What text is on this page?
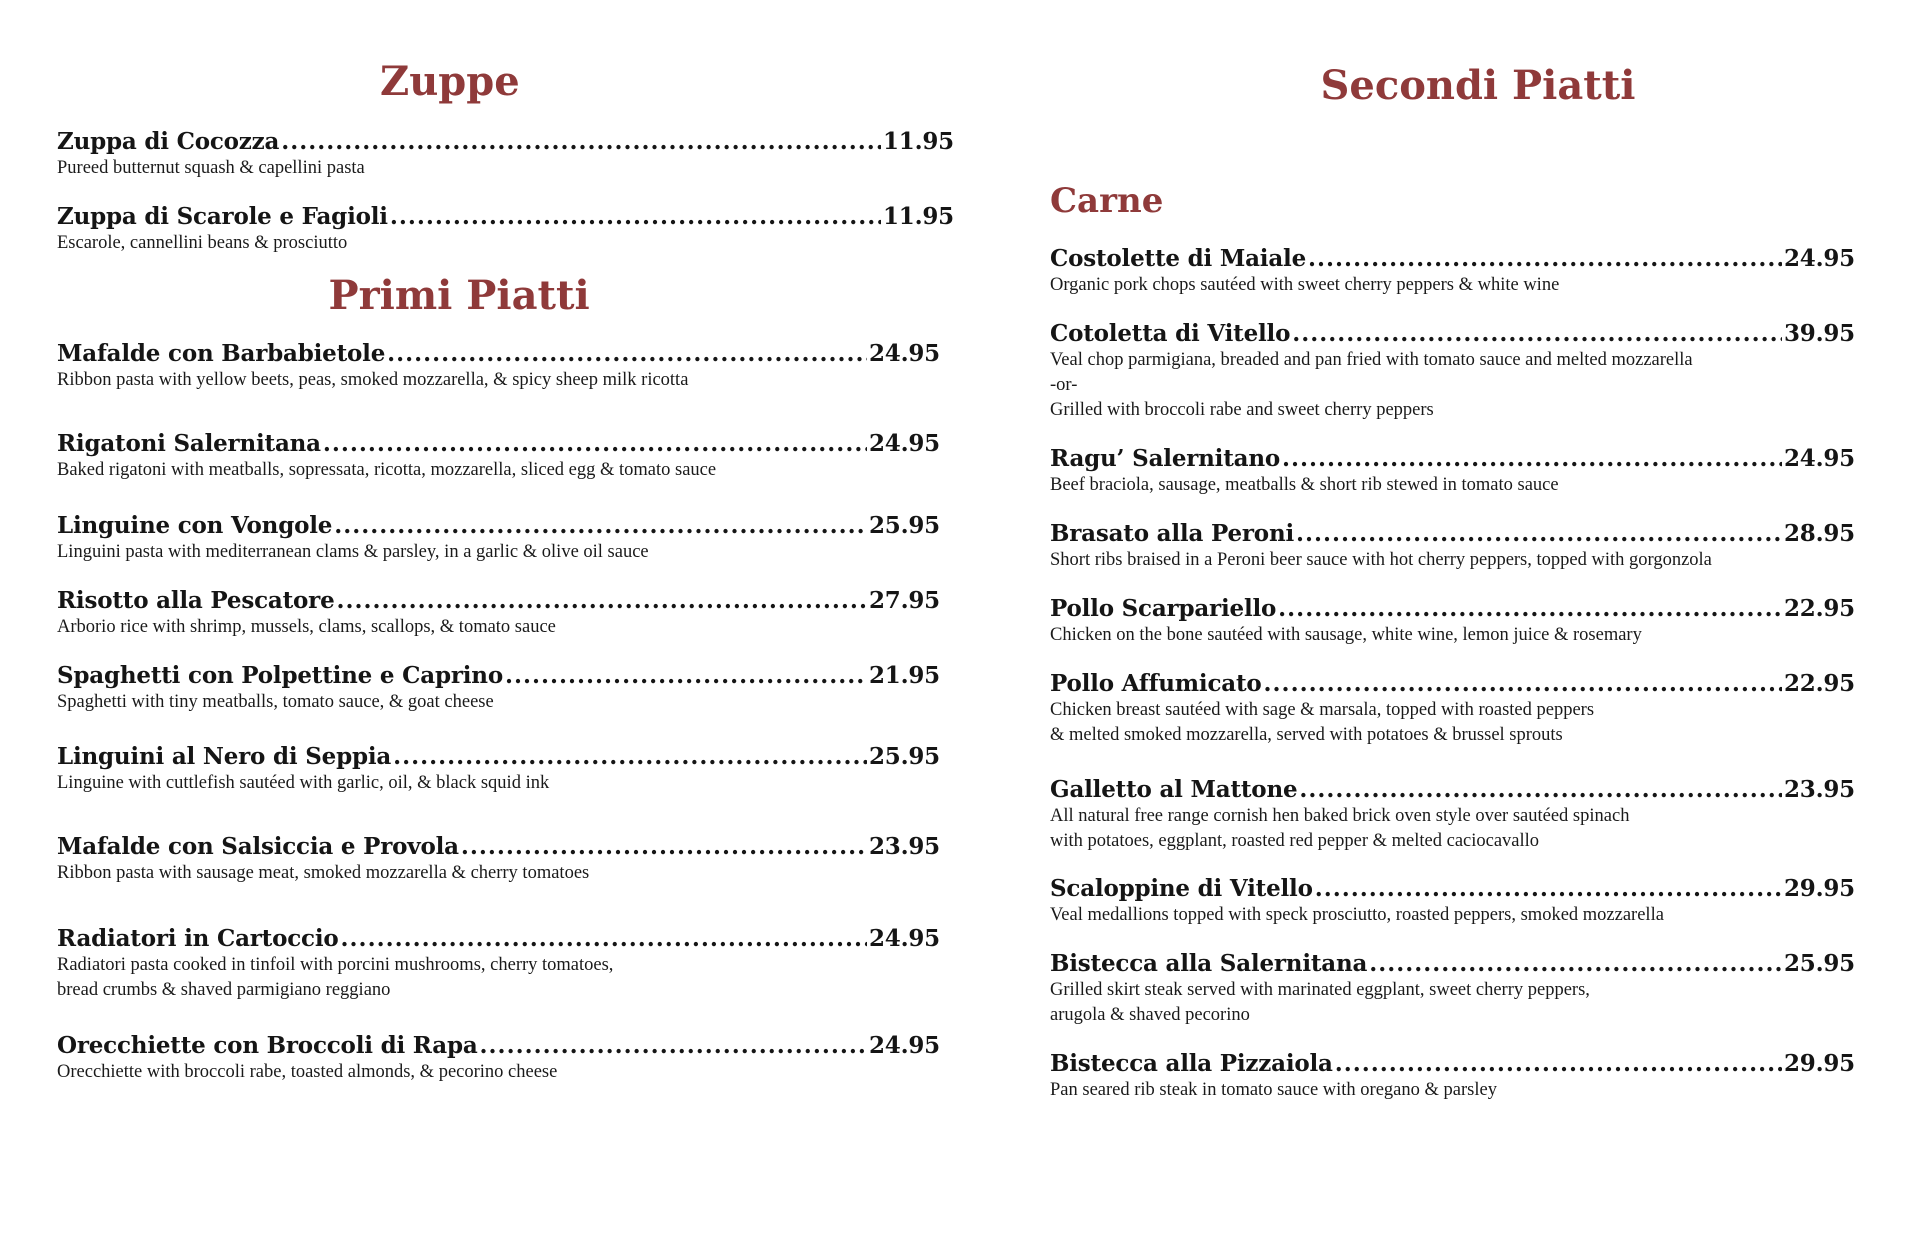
Zuppe
Zuppa di Cocozza .....	11.95
Pureed butternut squash & capellini pasta
Zuppa di Scarole e Fagioli .....	11.95
Escarole, cannellini beans & prosciutto
Primi Piatti
Mafalde con Barbabietole .....	24.95
Ribbon pasta with yellow beets, peas, smoked mozzarella, & spicy sheep milk ricotta
Rigatoni Salernitana .....	24.95
Baked rigatoni with meatballs, sopressata, ricotta, mozzarella, sliced egg & tomato sauce
Linguine con Vongole .....	25.95
Linguini pasta with mediterranean clams & parsley, in a garlic & olive oil sauce
Risotto alla Pescatore .....	27.95
Arborio rice with shrimp, mussels, clams, scallops, & tomato sauce
Spaghetti con Polpettine e Caprino .....	21.95
Spaghetti with tiny meatballs, tomato sauce, & goat cheese
Linguini al Nero di Seppia .....	25.95
Linguine with cuttlefish sautéed with garlic, oil, & black squid ink
Mafalde con Salsiccia e Provola .....	23.95
Ribbon pasta with sausage meat, smoked mozzarella & cherry tomatoes
Radiatori in Cartoccio .....	24.95
Radiatori pasta cooked in tinfoil with porcini mushrooms, cherry tomatoes,
bread crumbs & shaved parmigiano reggiano
Orecchiette con Broccoli di Rapa .....	24.95
Orecchiette with broccoli rabe, toasted almonds, & pecorino cheese
Secondi Piatti
Carne
Costolette di Maiale .....	24.95
Organic pork chops sautéed with sweet cherry peppers & white wine
Cotoletta di Vitello .....	39.95
Veal chop parmigiana, breaded and pan fried with tomato sauce and melted mozzarella
-or-
Grilled with broccoli rabe and sweet cherry peppers
Ragu’ Salernitano .....	24.95
Beef braciola, sausage, meatballs & short rib stewed in tomato sauce
Brasato alla Peroni .....	28.95
Short ribs braised in a Peroni beer sauce with hot cherry peppers, topped with gorgonzola
Pollo Scarpariello .....	22.95
Chicken on the bone sautéed with sausage, white wine, lemon juice & rosemary
Pollo Affumicato .....	22.95
Chicken breast sautéed with sage & marsala, topped with roasted peppers
& melted smoked mozzarella, served with potatoes & brussel sprouts
Galletto al Mattone .....	23.95
All natural free range cornish hen baked brick oven style over sautéed spinach
with potatoes, eggplant, roasted red pepper & melted caciocavallo
Scaloppine di Vitello .....	29.95
Veal medallions topped with speck prosciutto, roasted peppers, smoked mozzarella
Bistecca alla Salernitana .....	25.95
Grilled skirt steak served with marinated eggplant, sweet cherry peppers,
arugola & shaved pecorino
Bistecca alla Pizzaiola .....	29.95
Pan seared rib steak in tomato sauce with oregano & parsley
